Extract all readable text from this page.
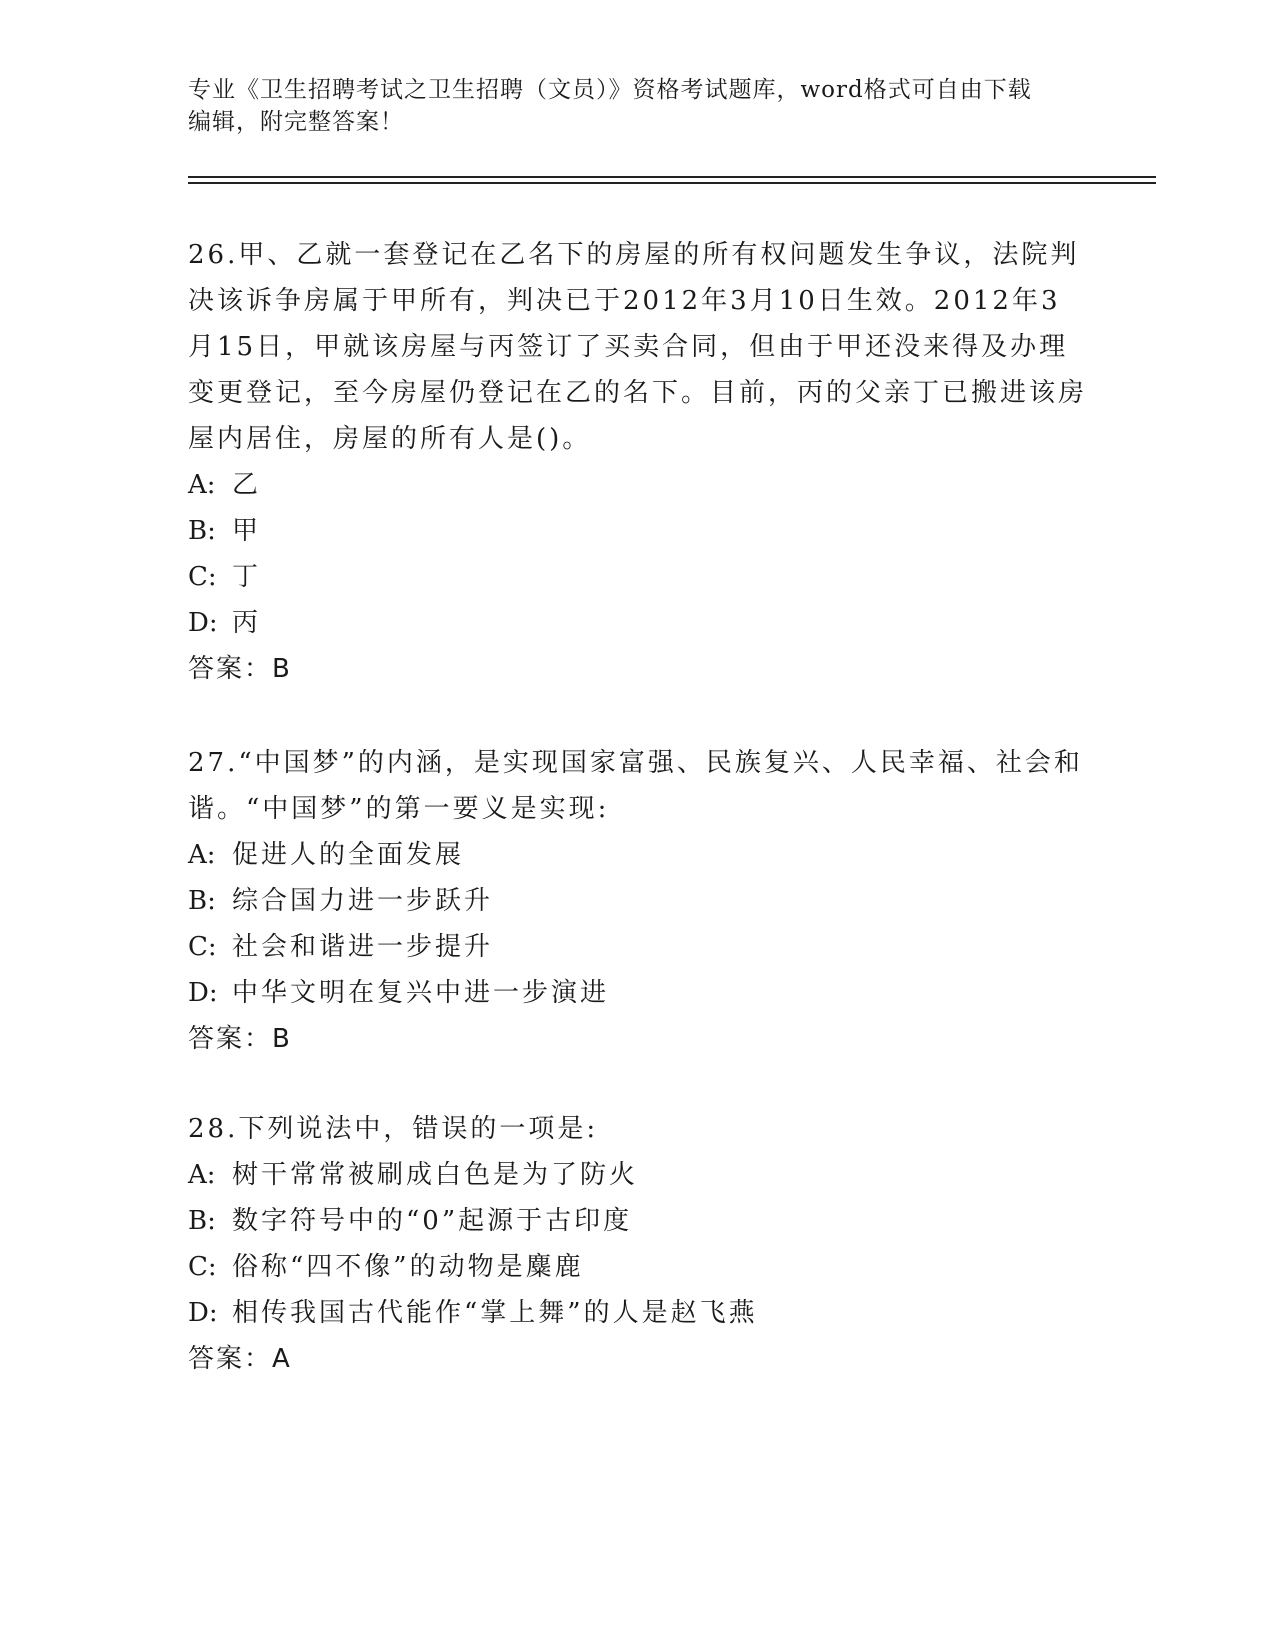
专业《卫生招聘考试之卫生招聘（文员）》资格考试题库，word格式可自由下载
编辑，附完整答案！
26.甲、乙就一套登记在乙名下的房屋的所有权问题发生争议，法院判决该诉争房属于甲所有，判决已于2012年3月10日生效。2012年3月15日，甲就该房屋与丙签订了买卖合同，但由于甲还没来得及办理变更登记，至今房屋仍登记在乙的名下。目前，丙的父亲丁已搬进该房屋内居住，房屋的所有人是()。
A: 乙
B: 甲
C: 丁
D: 丙
答案：B
27.“中国梦”的内涵，是实现国家富强、民族复兴、人民幸福、社会和谐。“中国梦”的第一要义是实现:
A: 促进人的全面发展
B: 综合国力进一步跃升
C: 社会和谐进一步提升
D: 中华文明在复兴中进一步演进
答案：B
28.下列说法中，错误的一项是:
A: 树干常常被刷成白色是为了防火
B: 数字符号中的“0”起源于古印度
C: 俗称“四不像”的动物是麋鹿
D: 相传我国古代能作“掌上舞”的人是赵飞燕
答案：A
